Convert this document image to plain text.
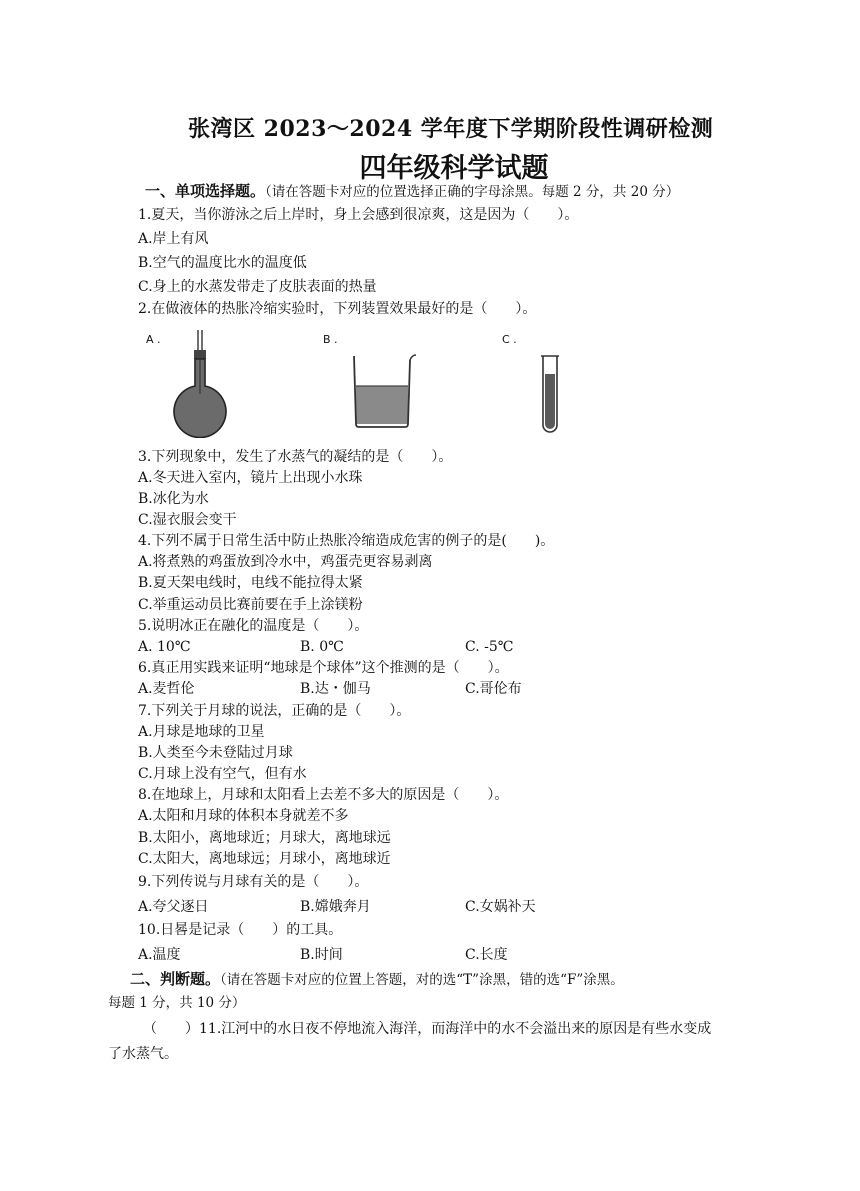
张湾区 2023～2024 学年度下学期阶段性调研检测
四年级科学试题
一、单项选择题。（请在答题卡对应的位置选择正确的字母涂黑。每题 2 分，共 20 分）
1.夏天，当你游泳之后上岸时，身上会感到很凉爽，这是因为（　　）。
A.岸上有风
B.空气的温度比水的温度低
C.身上的水蒸发带走了皮肤表面的热量
2.在做液体的热胀冷缩实验时，下列装置效果最好的是（　　）。
A .	B .	C .
3.下列现象中，发生了水蒸气的凝结的是（　　）。
A.冬天进入室内，镜片上出现小水珠
B.冰化为水
C.湿衣服会变干
4.下列不属于日常生活中防止热胀冷缩造成危害的例子的是(　　)。
A.将煮熟的鸡蛋放到冷水中，鸡蛋壳更容易剥离
B.夏天架电线时，电线不能拉得太紧
C.举重运动员比赛前要在手上涂镁粉
5.说明冰正在融化的温度是（　　）。
A. 10℃	B. 0℃	C. -5℃
6.真正用实践来证明“地球是个球体”这个推测的是（　　）。
A.麦哲伦	B.达・伽马	C.哥伦布
7.下列关于月球的说法，正确的是（　　）。
A.月球是地球的卫星
B.人类至今未登陆过月球
C.月球上没有空气，但有水
8.在地球上，月球和太阳看上去差不多大的原因是（　　）。
A.太阳和月球的体积本身就差不多
B.太阳小，离地球近；月球大，离地球远
C.太阳大，离地球远；月球小，离地球近
9.下列传说与月球有关的是（　　）。
A.夸父逐日	B.嫦娥奔月	C.女娲补天
10.日晷是记录（　　）的工具。
A.温度	B.时间	C.长度
二、判断题。（请在答题卡对应的位置上答题，对的选“T”涂黑，错的选“F”涂黑。
每题 1 分，共 10 分）
（　　）11.江河中的水日夜不停地流入海洋，而海洋中的水不会溢出来的原因是有些水变成
了水蒸气。
